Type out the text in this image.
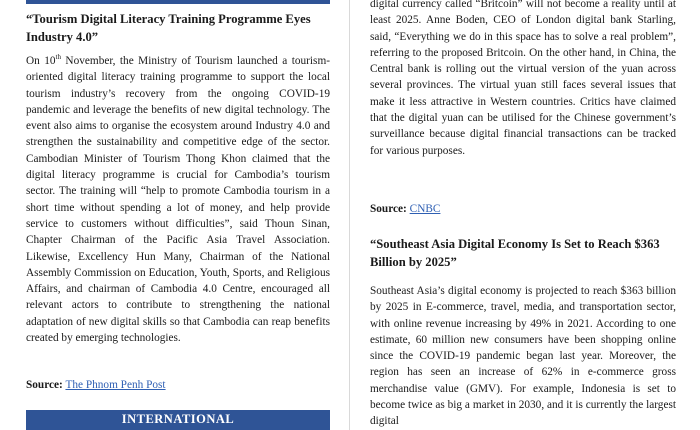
“Tourism Digital Literacy Training Programme Eyes Industry 4.0”

On 10th November, the Ministry of Tourism launched a tourism-oriented digital literacy training programme to support the local tourism industry’s recovery from the ongoing COVID-19 pandemic and leverage the benefits of new digital technology. The event also aims to organise the ecosystem around Industry 4.0 and strengthen the sustainability and competitive edge of the sector. Cambodian Minister of Tourism Thong Khon claimed that the digital literacy programme is crucial for Cambodia’s tourism sector. The training will “help to promote Cambodia tourism in a short time without spending a lot of money, and help provide service to customers without difficulties”, said Thoun Sinan, Chapter Chairman of the Pacific Asia Travel Association. Likewise, Excellency Hun Many, Chairman of the National Assembly Commission on Education, Youth, Sports, and Religious Affairs, and chairman of Cambodia 4.0 Centre, encouraged all relevant actors to contribute to strengthening the national adaptation of new digital skills so that Cambodia can reap benefits created by emerging technologies.

Source: The Phnom Penh Post

INTERNATIONAL

digital currency called “Britcoin” will not become a reality until at least 2025. Anne Boden, CEO of London digital bank Starling, said, “Everything we do in this space has to solve a real problem”, referring to the proposed Britcoin. On the other hand, in China, the Central bank is rolling out the virtual version of the yuan across several provinces. The virtual yuan still faces several issues that make it less attractive in Western countries. Critics have claimed that the digital yuan can be utilised for the Chinese government’s surveillance because digital financial transactions can be tracked for various purposes.

Source: CNBC

“Southeast Asia Digital Economy Is Set to Reach $363 Billion by 2025”

Southeast Asia’s digital economy is projected to reach $363 billion by 2025 in E-commerce, travel, media, and transportation sector, with online revenue increasing by 49% in 2021. According to one estimate, 60 million new consumers have been shopping online since the COVID-19 pandemic began last year. Moreover, the region has seen an increase of 62% in e-commerce gross merchandise value (GMV). For example, Indonesia is set to become twice as big a market in 2030, and it is currently the largest digital
